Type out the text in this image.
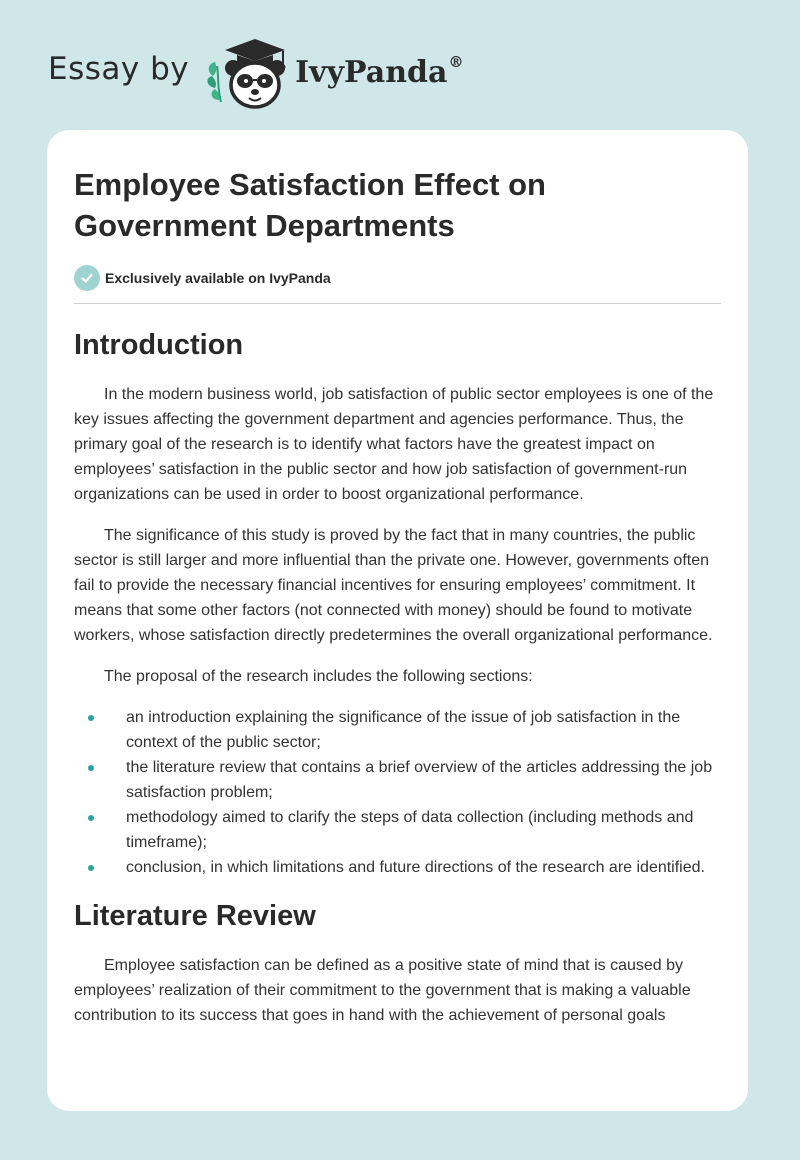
Essay by	IvyPanda®
Employee Satisfaction Effect on Government Departments
Exclusively available on IvyPanda
Introduction

In the modern business world, job satisfaction of public sector employees is one of the key issues affecting the government department and agencies performance. Thus, the primary goal of the research is to identify what factors have the greatest impact on employees’ satisfaction in the public sector and how job satisfaction of government-run organizations can be used in order to boost organizational performance.

The significance of this study is proved by the fact that in many countries, the public sector is still larger and more influential than the private one. However, governments often fail to provide the necessary financial incentives for ensuring employees’ commitment. It means that some other factors (not connected with money) should be found to motivate workers, whose satisfaction directly predetermines the overall organizational performance.

The proposal of the research includes the following sections:

an introduction explaining the significance of the issue of job satisfaction in the context of the public sector;
the literature review that contains a brief overview of the articles addressing the job satisfaction problem;
methodology aimed to clarify the steps of data collection (including methods and timeframe);
conclusion, in which limitations and future directions of the research are identified.
Literature Review

Employee satisfaction can be defined as a positive state of mind that is caused by employees’ realization of their commitment to the government that is making a valuable contribution to its success that goes in hand with the achievement of personal goals
